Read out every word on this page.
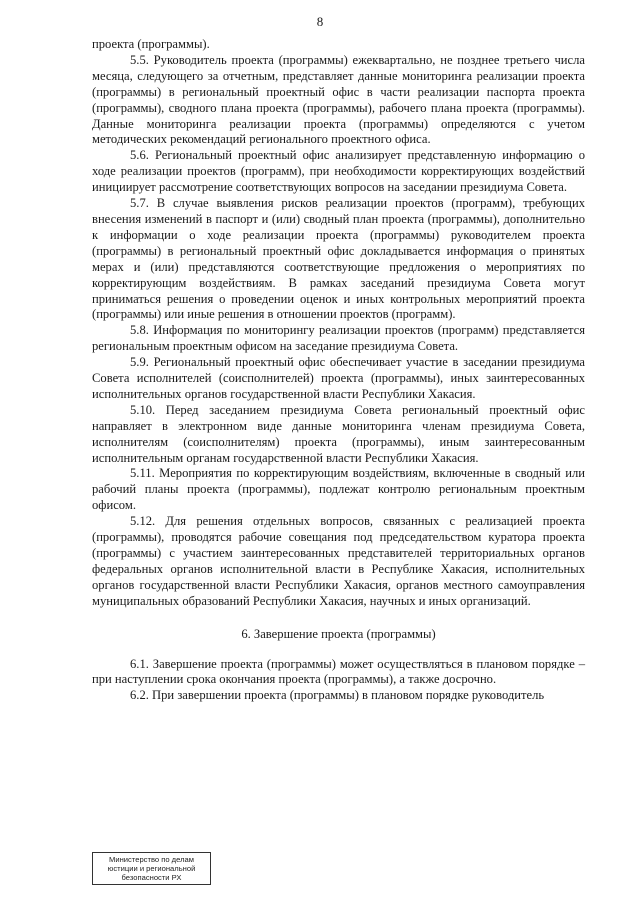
8

проекта (программы).

5.5. Руководитель проекта (программы) ежеквартально, не позднее третьего числа месяца, следующего за отчетным, представляет данные мониторинга реализации проекта (программы) в региональный проектный офис в части реализации паспорта проекта (программы), сводного плана проекта (программы), рабочего плана проекта (программы). Данные мониторинга реализации проекта (программы) определяются с учетом методических рекомендаций регионального проектного офиса.

5.6. Региональный проектный офис анализирует представленную информацию о ходе реализации проектов (программ), при необходимости корректирующих воздействий инициирует рассмотрение соответствующих вопросов на заседании президиума Совета.

5.7. В случае выявления рисков реализации проектов (программ), требующих внесения изменений в паспорт и (или) сводный план проекта (программы), дополнительно к информации о ходе реализации проекта (программы) руководителем проекта (программы) в региональный проектный офис докладывается информация о принятых мерах и (или) представляются соответствующие предложения о мероприятиях по корректирующим воздействиям. В рамках заседаний президиума Совета могут приниматься решения о проведении оценок и иных контрольных мероприятий проекта (программы) или иные решения в отношении проектов (программ).

5.8. Информация по мониторингу реализации проектов (программ) представляется региональным проектным офисом на заседание президиума Совета.

5.9. Региональный проектный офис обеспечивает участие в заседании президиума Совета исполнителей (соисполнителей) проекта (программы), иных заинтересованных исполнительных органов государственной власти Республики Хакасия.

5.10. Перед заседанием президиума Совета региональный проектный офис направляет в электронном виде данные мониторинга членам президиума Совета, исполнителям (соисполнителям) проекта (программы), иным заинтересованным исполнительным органам государственной власти Республики Хакасия.

5.11. Мероприятия по корректирующим воздействиям, включенные в сводный или рабочий планы проекта (программы), подлежат контролю региональным проектным офисом.

5.12. Для решения отдельных вопросов, связанных с реализацией проекта (программы), проводятся рабочие совещания под председательством куратора проекта (программы) с участием заинтересованных представителей территориальных органов федеральных органов исполнительной власти в Республике Хакасия, исполнительных органов государственной власти Республики Хакасия, органов местного самоуправления муниципальных образований Республики Хакасия, научных и иных организаций.

6. Завершение проекта (программы)

6.1. Завершение проекта (программы) может осуществляться в плановом порядке – при наступлении срока окончания проекта (программы), а также досрочно.

6.2. При завершении проекта (программы) в плановом порядке руководитель

Министерство по делам
юстиции и региональной
безопасности РХ
